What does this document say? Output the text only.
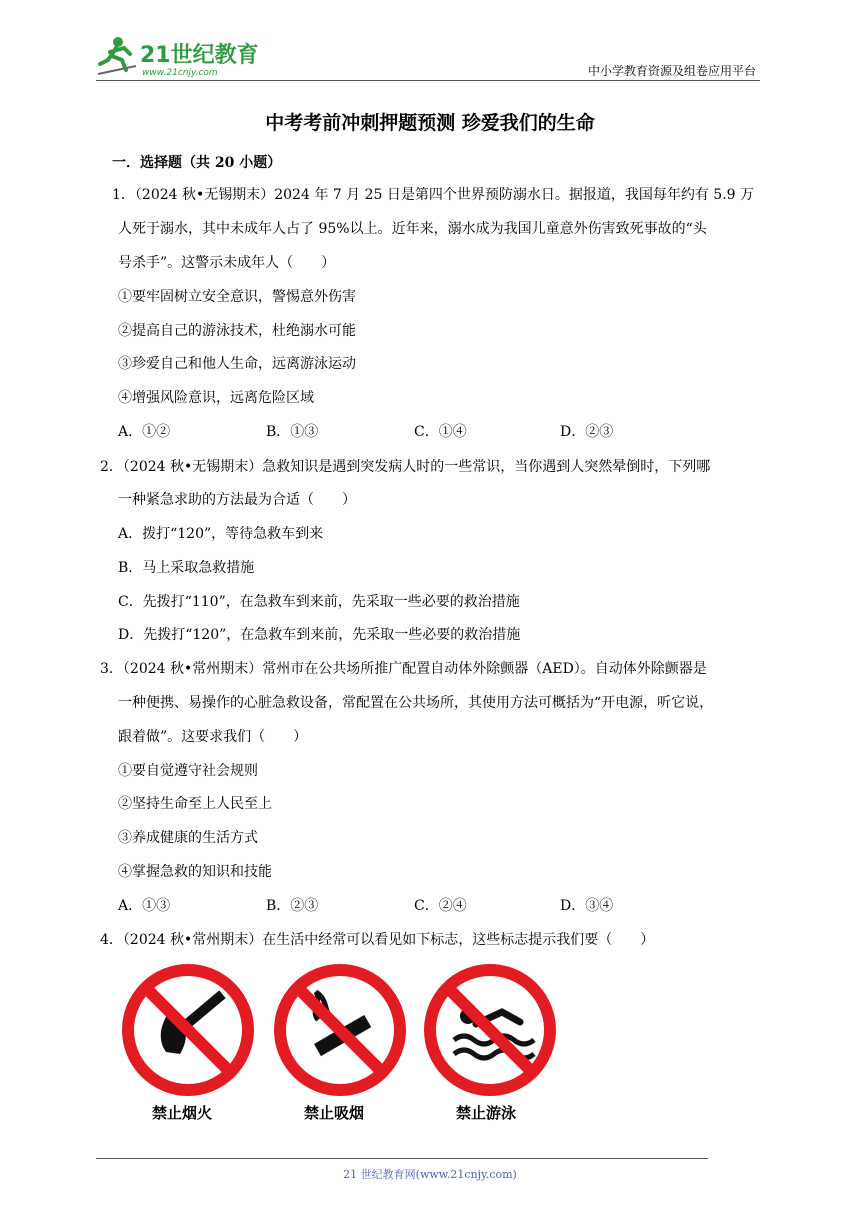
21世纪教育
www.21cnjy.com	中小学教育资源及组卷应用平台
中考考前冲刺押题预测 珍爱我们的生命
一．选择题（共 20 小题）
1．（2024 秋•无锡期末）2024 年 7 月 25 日是第四个世界预防溺水日。据报道，我国每年约有 5.9 万
人死于溺水，其中未成年人占了 95%以上。近年来，溺水成为我国儿童意外伤害致死事故的“头
号杀手”。这警示未成年人（　　）
①要牢固树立安全意识，警惕意外伤害
②提高自己的游泳技术，杜绝溺水可能
③珍爱自己和他人生命，远离游泳运动
④增强风险意识，远离危险区域
A．①②	B．①③	C．①④	D．②③
2．（2024 秋•无锡期末）急救知识是遇到突发病人时的一些常识，当你遇到人突然晕倒时，下列哪
一种紧急求助的方法最为合适（　　）
A．拨打“120”，等待急救车到来
B．马上采取急救措施
C．先拨打“110”，在急救车到来前，先采取一些必要的救治措施
D．先拨打“120”，在急救车到来前，先采取一些必要的救治措施
3．（2024 秋•常州期末）常州市在公共场所推广配置自动体外除颤器（AED）。自动体外除颤器是
一种便携、易操作的心脏急救设备，常配置在公共场所，其使用方法可概括为“开电源，听它说，
跟着做”。这要求我们（　　）
①要自觉遵守社会规则
②坚持生命至上人民至上
③养成健康的生活方式
④掌握急救的知识和技能
A．①③	B．②③	C．②④	D．③④
4．（2024 秋•常州期末）在生活中经常可以看见如下标志，这些标志提示我们要（　　）
禁止烟火	禁止吸烟	禁止游泳
21 世纪教育网(www.21cnjy.com)
